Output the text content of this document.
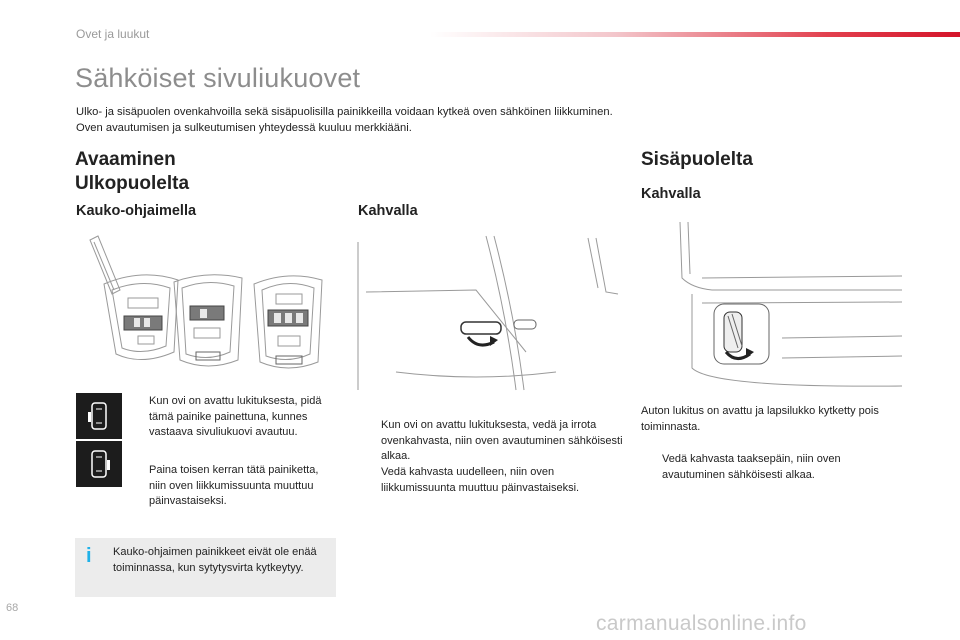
Ovet ja luukut
Sähköiset sivuliukuovet
Ulko- ja sisäpuolen ovenkahvoilla sekä sisäpuolisilla painikkeilla voidaan kytkeä oven sähköinen liikkuminen.
Oven avautumisen ja sulkeutumisen yhteydessä kuuluu merkkiääni.
Avaaminen
Ulkopuolelta
Kauko-ohjaimella	Kahvalla
Sisäpuolelta
Kahvalla
Kun ovi on avattu lukituksesta, pidä tämä painike painettuna, kunnes vastaava sivuliukuovi avautuu.
Paina toisen kerran tätä painiketta, niin oven liikkumissuunta muuttuu päinvastaiseksi.
i	Kauko-ohjaimen painikkeet eivät ole enää toiminnassa, kun sytytysvirta kytkeytyy.
Kun ovi on avattu lukituksesta, vedä ja irrota ovenkahvasta, niin oven avautuminen sähköisesti alkaa.
Vedä kahvasta uudelleen, niin oven liikkumissuunta muuttuu päinvastaiseksi.
Auton lukitus on avattu ja lapsilukko kytketty pois toiminnasta.
Vedä kahvasta taaksepäin, niin oven avautuminen sähköisesti alkaa.
68
carmanualsonline.info
